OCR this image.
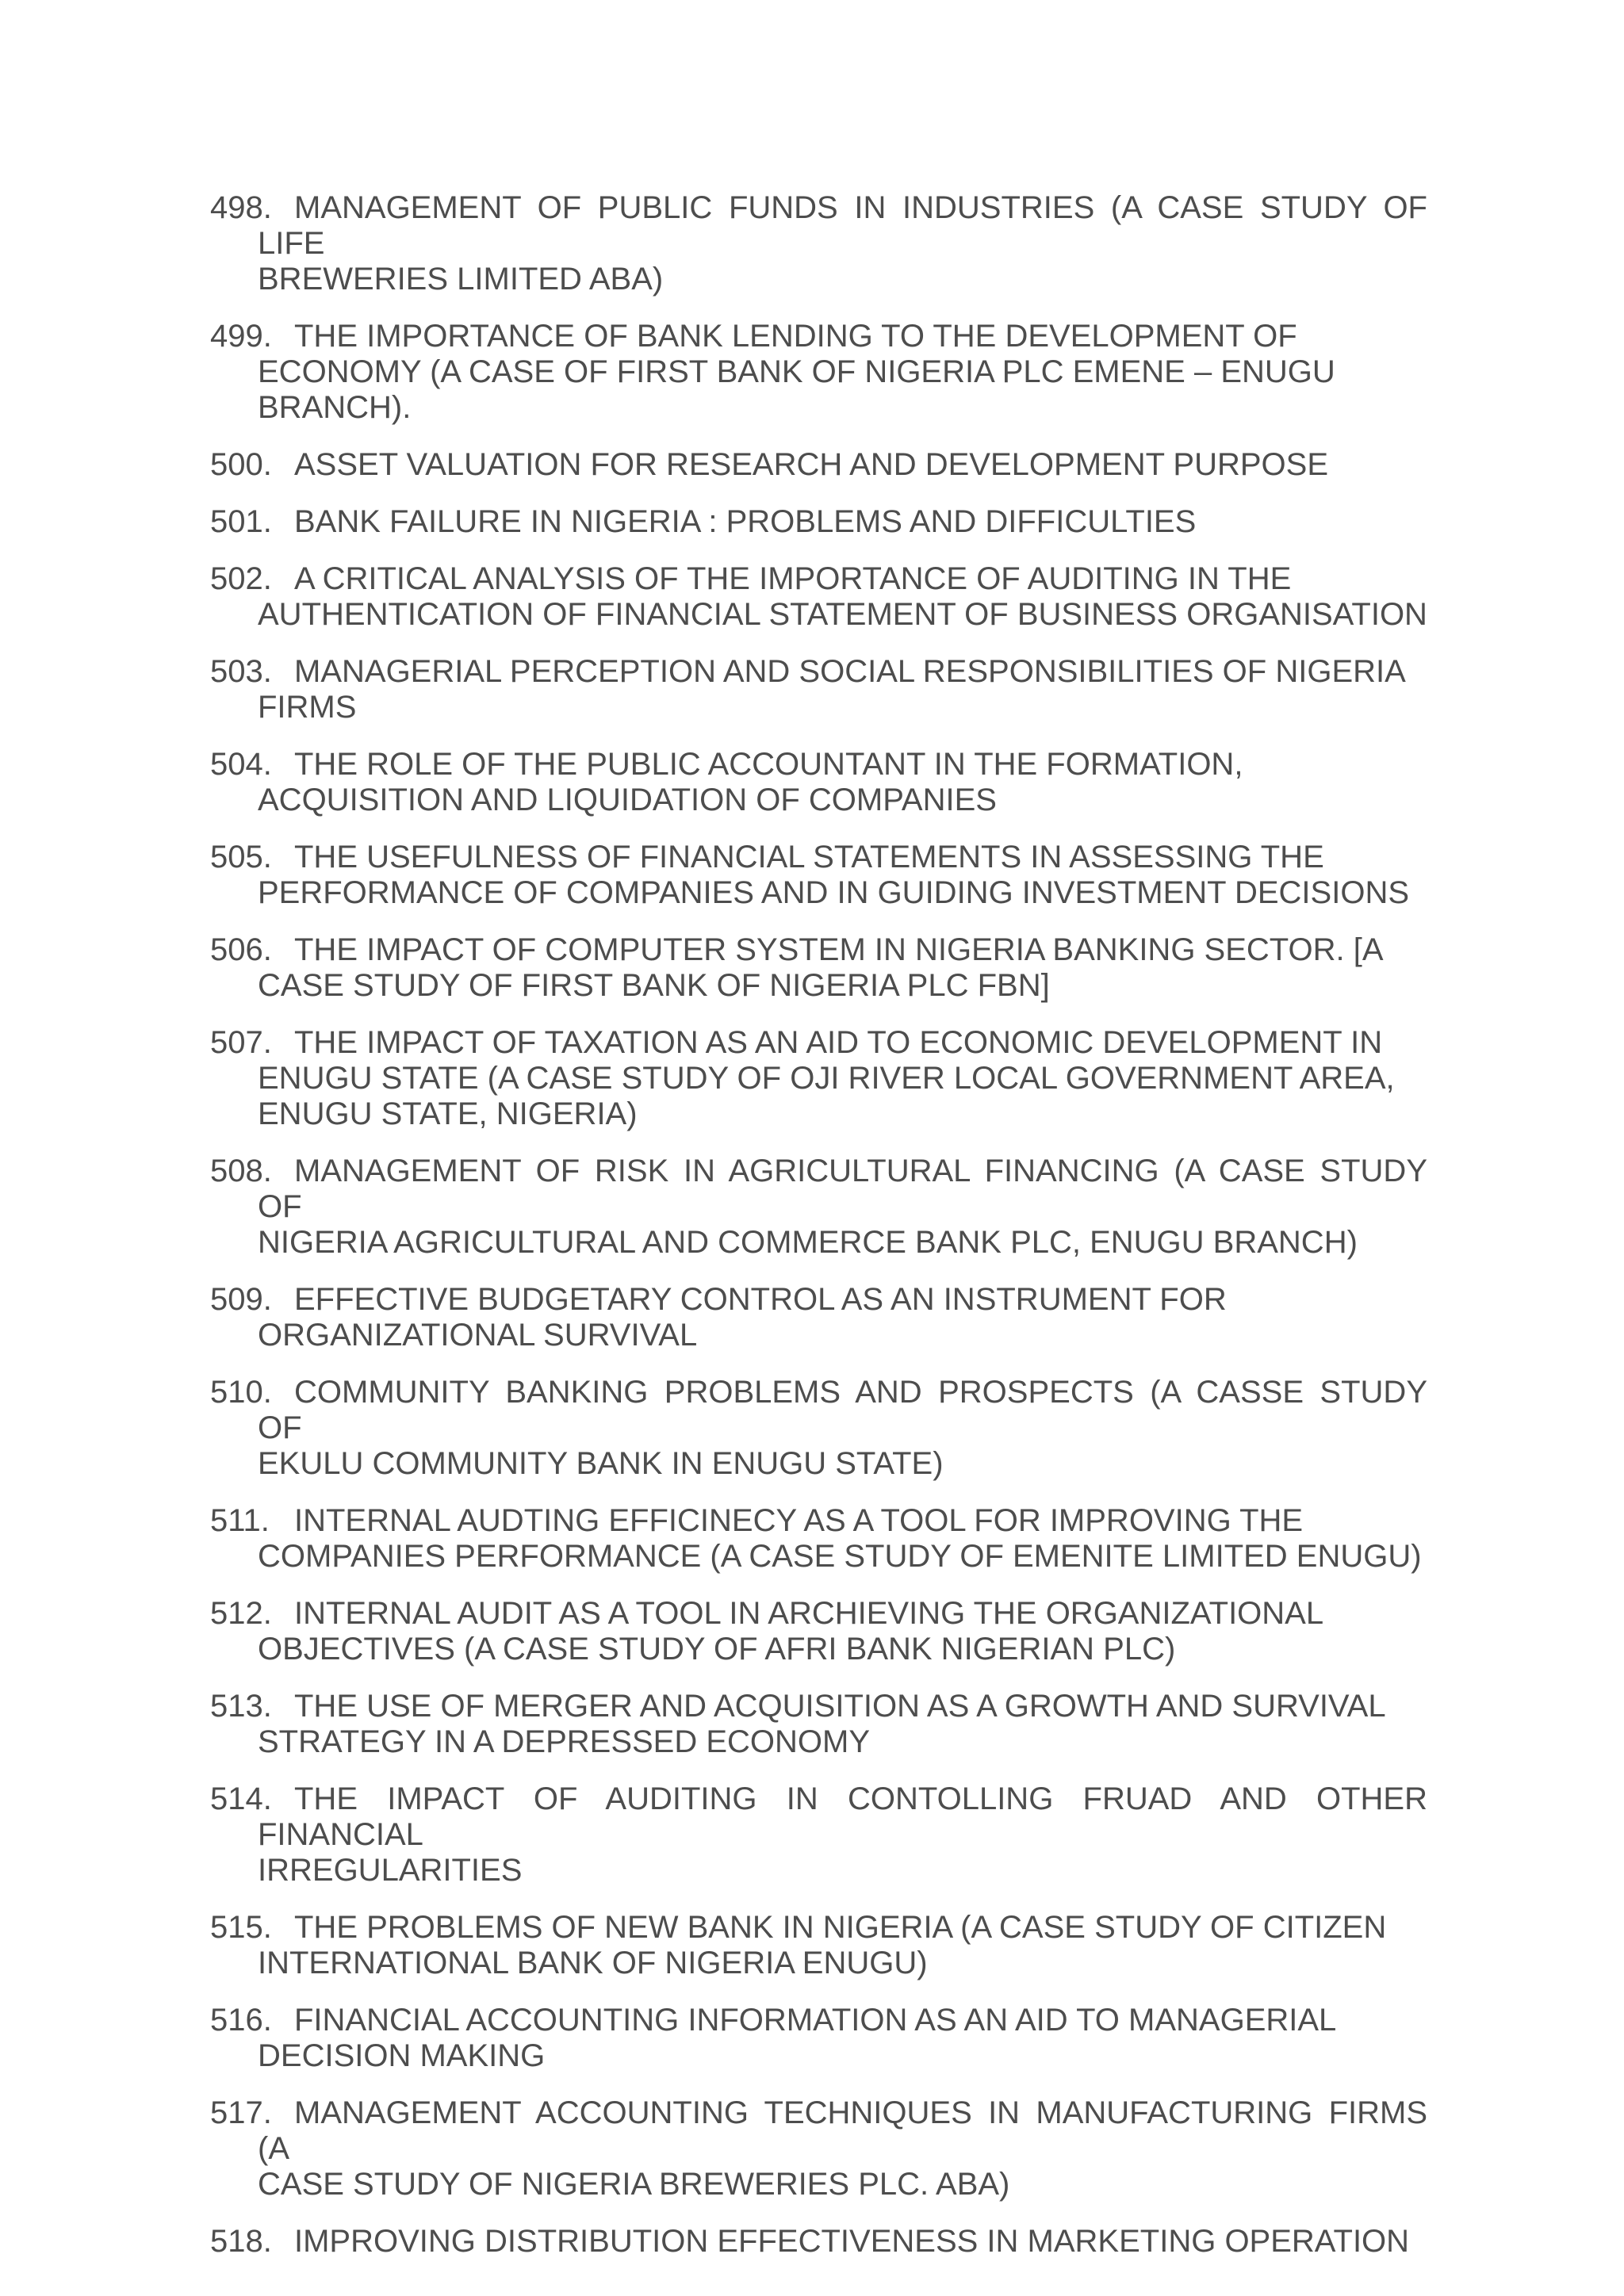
498. MANAGEMENT OF PUBLIC FUNDS IN INDUSTRIES (A CASE STUDY OF LIFE
BREWERIES LIMITED ABA)
499. THE IMPORTANCE OF BANK LENDING TO THE DEVELOPMENT OF
ECONOMY (A CASE OF FIRST BANK OF NIGERIA PLC EMENE – ENUGU
BRANCH).
500. ASSET VALUATION FOR RESEARCH AND DEVELOPMENT PURPOSE
501. BANK FAILURE IN NIGERIA : PROBLEMS AND DIFFICULTIES
502. A CRITICAL ANALYSIS OF THE IMPORTANCE OF AUDITING IN THE
AUTHENTICATION OF FINANCIAL STATEMENT OF BUSINESS ORGANISATION
503. MANAGERIAL PERCEPTION AND SOCIAL RESPONSIBILITIES OF NIGERIA
FIRMS
504. THE ROLE OF THE PUBLIC ACCOUNTANT IN THE FORMATION,
ACQUISITION AND LIQUIDATION OF COMPANIES
505. THE USEFULNESS OF FINANCIAL STATEMENTS IN ASSESSING THE
PERFORMANCE OF COMPANIES AND IN GUIDING INVESTMENT DECISIONS
506. THE IMPACT OF COMPUTER SYSTEM IN NIGERIA BANKING SECTOR. [A
CASE STUDY OF FIRST BANK OF NIGERIA PLC FBN]
507. THE IMPACT OF TAXATION AS AN AID TO ECONOMIC DEVELOPMENT IN
ENUGU STATE (A CASE STUDY OF OJI RIVER LOCAL GOVERNMENT AREA,
ENUGU STATE, NIGERIA)
508. MANAGEMENT OF RISK IN AGRICULTURAL FINANCING (A CASE STUDY OF
NIGERIA AGRICULTURAL AND COMMERCE BANK PLC, ENUGU BRANCH)
509. EFFECTIVE BUDGETARY CONTROL AS AN INSTRUMENT FOR
ORGANIZATIONAL SURVIVAL
510. COMMUNITY BANKING PROBLEMS AND PROSPECTS (A CASSE STUDY OF
EKULU COMMUNITY BANK IN ENUGU STATE)
511. INTERNAL AUDTING EFFICINECY AS A TOOL FOR IMPROVING THE
COMPANIES PERFORMANCE (A CASE STUDY OF EMENITE LIMITED ENUGU)
512. INTERNAL AUDIT AS A TOOL IN ARCHIEVING THE ORGANIZATIONAL
OBJECTIVES (A CASE STUDY OF AFRI BANK NIGERIAN PLC)
513. THE USE OF MERGER AND ACQUISITION AS A GROWTH AND SURVIVAL
STRATEGY IN A DEPRESSED ECONOMY
514. THE IMPACT OF AUDITING IN CONTOLLING FRUAD AND OTHER FINANCIAL
IRREGULARITIES
515. THE PROBLEMS OF NEW BANK IN NIGERIA (A CASE STUDY OF CITIZEN
INTERNATIONAL BANK OF NIGERIA ENUGU)
516. FINANCIAL ACCOUNTING INFORMATION AS AN AID TO MANAGERIAL
DECISION MAKING
517. MANAGEMENT ACCOUNTING TECHNIQUES IN MANUFACTURING FIRMS (A
CASE STUDY OF NIGERIA BREWERIES PLC. ABA)
518. IMPROVING DISTRIBUTION EFFECTIVENESS IN MARKETING OPERATION
